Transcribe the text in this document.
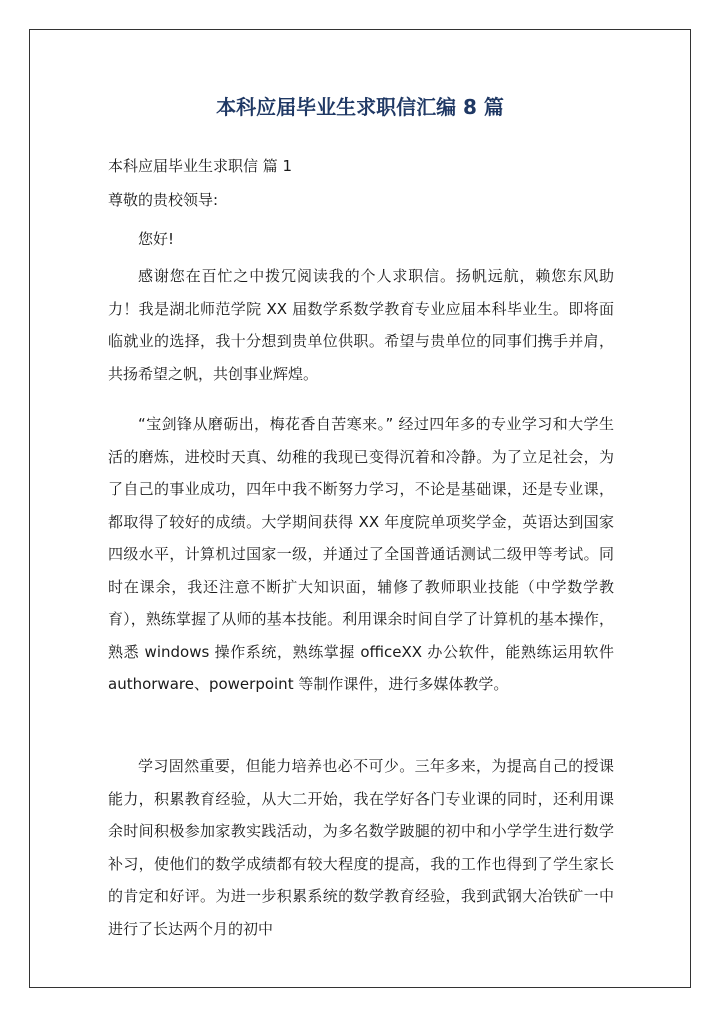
本科应届毕业生求职信汇编 8 篇

本科应届毕业生求职信 篇 1

尊敬的贵校领导:

您好!

感谢您在百忙之中拨冗阅读我的个人求职信。扬帆远航，赖您东风助力！我是湖北师范学院 XX 届数学系数学教育专业应届本科毕业生。即将面临就业的选择，我十分想到贵单位供职。希望与贵单位的同事们携手并肩，共扬希望之帆，共创事业辉煌。

“宝剑锋从磨砺出，梅花香自苦寒来。” 经过四年多的专业学习和大学生活的磨炼，进校时天真、幼稚的我现已变得沉着和冷静。为了立足社会，为了自己的事业成功，四年中我不断努力学习，不论是基础课，还是专业课，都取得了较好的成绩。大学期间获得 XX 年度院单项奖学金，英语达到国家四级水平，计算机过国家一级，并通过了全国普通话测试二级甲等考试。同时在课余，我还注意不断扩大知识面，辅修了教师职业技能（中学数学教育），熟练掌握了从师的基本技能。利用课余时间自学了计算机的基本操作，熟悉 windows 操作系统，熟练掌握 officeXX 办公软件，能熟练运用软件 authorware、powerpoint 等制作课件，进行多媒体教学。

学习固然重要，但能力培养也必不可少。三年多来，为提高自己的授课能力，积累教育经验，从大二开始，我在学好各门专业课的同时，还利用课余时间积极参加家教实践活动，为多名数学跛腿的初中和小学学生进行数学补习，使他们的数学成绩都有较大程度的提高，我的工作也得到了学生家长的肯定和好评。为进一步积累系统的数学教育经验，我到武钢大冶铁矿一中进行了长达两个月的初中
